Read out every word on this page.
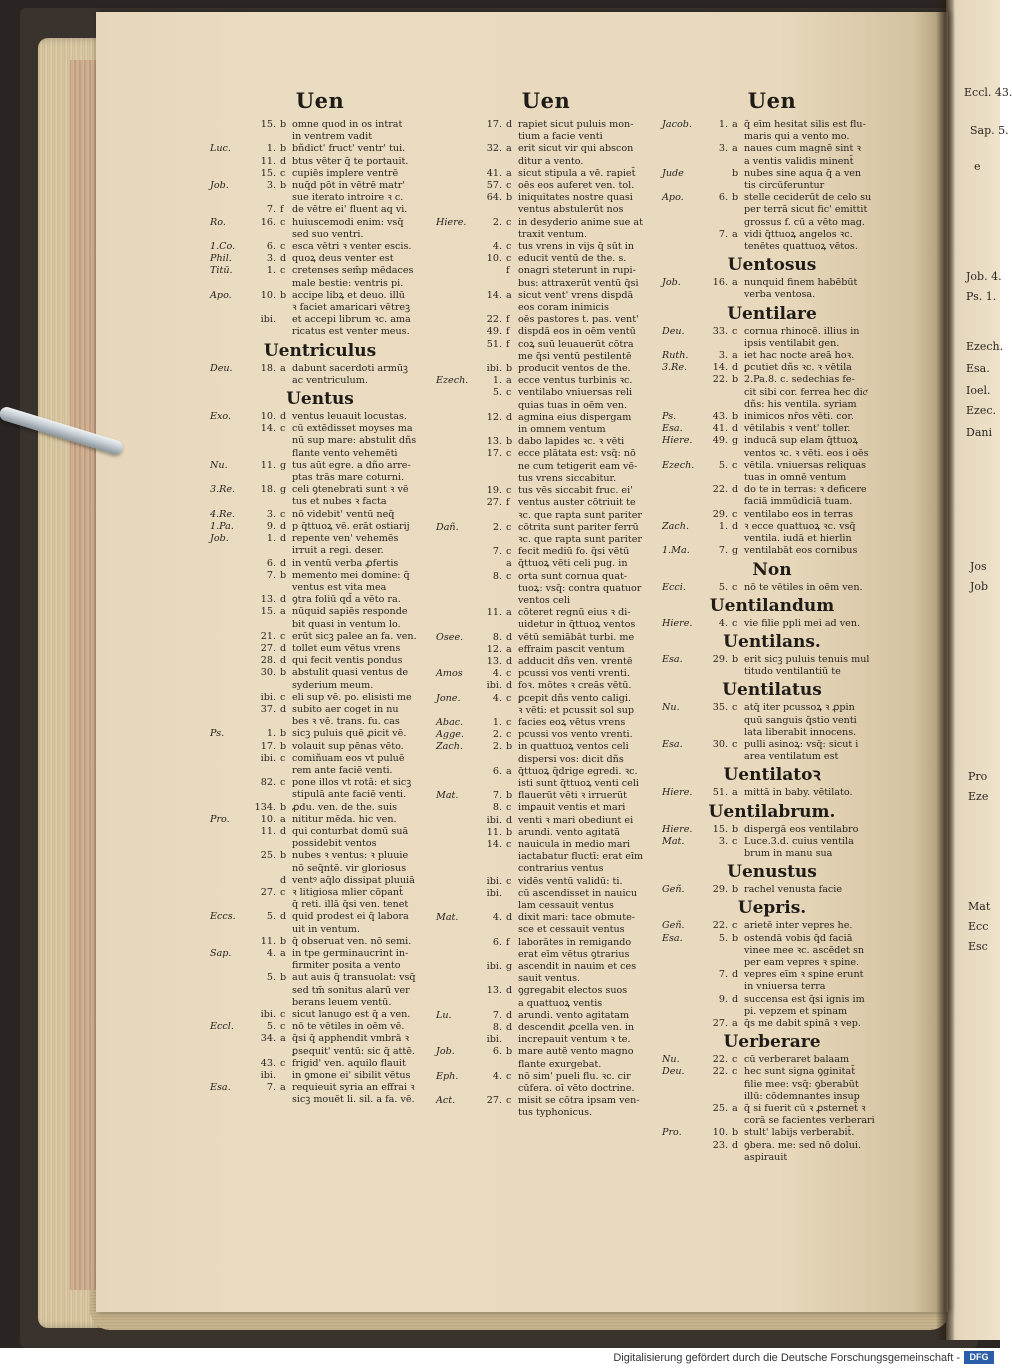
Eccl. 43.
Sap. 5.
e
Job. 4.
Ps. 1.
Ezech.
Esa.
Ioel.
Ezec.
Dani
Jos
Job
Pro
Eze
Mat
Ecc
Esc
Uen
15. b omne quod in os intrat
in ventrem vadit
Luc.	1. b bñdict' fruct' ventr' tui.
11. d btus vēter q̄ te portauit.
15. c cupiēs implere ventrē
Job.	3. b nuq̄d pōt in vētrē matr'
sue iterato introire ꝛ c.
7. f de vētre ei' fluent aq vi.
Ro.	16. c huiuscemodi enim: vsq̄
sed suo ventri.
1.Co.	6. c esca vētri ꝛ venter escis.
Phil.	3. d quoꝝ deus venter est
Titū.	1. c cretenses sem̄p mēdaces
male bestie: ventris pi.
Apo.	10. b accipe libꝝ et deuo. illū
ꝛ faciet amaricari vētreꝫ
ibi.	et accepi librum ꝛc. ama
ricatus est venter meus.
Uentriculus
Deu.	18. a dabunt sacerdoti armūꝫ
ac ventriculum.
Uentus
Exo.	10. d ventus leuauit locustas.
14. c cū extēdisset moyses ma
nū sup mare: abstulit dñs
flante vento vehemēti
Nu.	11. g tus aūt egre. a dño arre-
ptas trās mare coturni.
3.Re.	18. g celi ꝯtenebrati sunt ꝛ vē
tus et nubes ꝛ facta
4.Re.	3. c nō videbit' ventū neq̄
1.Pa.	9. d p q̄ttuoꝝ vē. erāt ostiarij
Job.	1. d repente ven' vehemēs
irruit a regi. deser.
6. d in ventū verba ꝓfertis
7. b memento mei domine: q̄
ventus est vita mea
13. d ꝯtra foliū qd̄ a vēto ra.
15. a nūquid sapiēs responde
bit quasi in ventum lo.
21. c erūt sicꝫ palee an fa. ven.
27. d tollet eum vētus vrens
28. d qui fecit ventis pondus
30. b abstulit quasi ventus de
syderium meum.
ibi. c eli sup vē. po. elisisti me
37. d subito aer coget in nu
bes ꝛ vē. trans. fu. cas
Ps.	1. b sicꝫ puluis quē ꝓicit vē.
17. b volauit sup pēnas vēto.
ibi. c comiñuam eos vt puluē
rem ante faciē venti.
82. c pone illos vt rotā: et sicꝫ
stipulā ante faciē venti.
134. b ꝓdu. ven. de the. suis
Pro.	10. a nititur mēda. hic ven.
11. d qui conturbat domū suā
possidebit ventos
25. b nubes ꝛ ventus: ꝛ pluuie
nō seq̄ntē. vir gloriosus
d ventꝰ aq̄lo dissipat pluuiā
27. c ꝛ litigiosa mlier cōpant̄
q̄ reti. illā q̄si ven. tenet
Eccs.	5. d quid prodest ei q̄ labora
uit in ventum.
11. b q̄ obseruat ven. nō semi.
Sap.	4. a in tpe germinaucrint in-
firmiter posita a vento
5. b aut auis q̄ transuolat: vsq̄
sed tm̄ sonitus alarū ver
berans leuem ventū.
ibi. c sicut lanugo est q̄ a ven.
Eccl.	5. c nō te vētiles in oēm vē.
34. a q̄si q̄ apphendit vmbrā ꝛ
ꝑsequit' ventū: sic q̄ attē.
43. c frigid' ven. aquilo flauit
ibi.	in ꝯmone ei' sibilit vētus
Esa.	7. a requieuit syria an effrai ꝛ
sicꝫ mouēt li. sil. a fa. vē.
Uen
17. d rapiet sicut puluis mon-
tium a facie venti
32. a erit sicut vir qui abscon
ditur a vento.
41. a sicut stipula a vē. rapiet̄
57. c oēs eos auferet ven. tol.
64. b iniquitates nostre quasi
ventus abstulerūt nos
Hiere.	2. c in desyderio anime sue at
traxit ventum.
4. c tus vrens in vijs q̄ sūt in
10. c educit ventū de the. s.
f onagri steterunt in rupi-
bus: attraxerūt ventū q̄si
14. a sicut vent' vrens dispdā
eos coram inimicis
22. f oēs pastores t. pas. vent'
49. f dispdā eos in oēm ventū
51. f coꝝ suū leuauerūt cōtra
me q̄si ventū pestilentē
ibi. b producit ventos de the.
Ezech.	1. a ecce ventus turbinis ꝛc.
5. c ventilabo vniuersas reli
quias tuas in oēm ven.
12. d agmina eius dispergam
in omnem ventum
13. b dabo lapides ꝛc. ꝛ vēti
17. c ecce plātata est: vsq̄: nō
ne cum tetigerit eam vē-
tus vrens siccabitur.
19. c tus vēs siccabit fruc. ei'
27. f ventus auster cōtriuit te
ꝛc. que rapta sunt pariter
Dañ.	2. c cōtrita sunt pariter ferrū
ꝛc. que rapta sunt pariter
7. c fecit mediū fo. q̄si vētū
a q̄ttuoꝝ vēti celi pug. in
8. c orta sunt cornua quat-
tuoꝝ: vsq̄: contra quatuor
ventos celi
11. a cōteret regnū eius ꝛ di-
uidetur in q̄ttuoꝝ ventos
Osee.	8. d vētū semiābāt turbi. me
12. a effraim pascit ventum
13. d adducit dñs ven. vrentē
Amos	4. c pcussi vos venti vrenti.
ibi. d foꝛ. mōtes ꝛ creās vētū.
Jone.	4. c ꝑcepit dñs vento caligi.
ꝛ vēti: et pcussit sol sup
Abac.	1. c facies eoꝝ vētus vrens
Agge.	2. c pcussi vos vento vrenti.
Zach.	2. b in quattuoꝝ ventos celi
dispersi vos: dicit dñs
6. a q̄ttuoꝝ q̄drige egredi. ꝛc.
isti sunt q̄ttuoꝝ venti celi
Mat.	7. b flauerūt vēti ꝛ irruerūt
8. c imꝑauit ventis et mari
ibi. d venti ꝛ mari obediunt ei
11. b arundi. vento agitatā
14. c nauicula in medio mari
iactabatur fluctī: erat eīm
contrarius ventus
ibi. c vidēs ventū validū: ti.
ibi.	cū ascendisset in nauicu
lam cessauit ventus
Mat.	4. d dixit mari: tace obmute-
sce et cessauit ventus
6. f laborātes in remigando
erat eīm vētus ꝯtrarius
ibi. g ascendit in nauim et ces
sauit ventus.
13. d ꝯgregabit electos suos
a quattuoꝝ ventis
Lu.	7. d arundi. vento agitatam
8. d descendit ꝓcella ven. in
ibi.	increpauit ventum ꝛ te.
Job.	6. b mare autē vento magno
flante exurgebat.
Eph.	4. c nō sim' pueli flu. ꝛc. cir
cūfera. oī vēto doctrine.
Act.	27. c misit se cōtra ipsam ven-
tus typhonicus.
Uen
Jacob.	1. a q̄ eīm hesitat silis est flu-
maris qui a vento mo.
3. a naues cum magnē sint ꝛ
a ventis validis minent̄
Jude	b nubes sine aqua q̄ a ven
tis circūferuntur
Apo.	6. b stelle ceciderūt de celo su
per terrā sicut fic' emittit
grossus f. cū a vēto mag.
7. a vidi q̄ttuoꝝ angelos ꝛc.
tenētes quattuoꝝ vētos.
Uentosus
Job.	16. a nunquid finem habēbūt
verba ventosa.
Uentilare
Deu.	33. c cornua rhinocē. illius in
ipsis ventilabit gen.
Ruth.	3. a iet hac nocte areā hoꝛ.
3.Re.	14. d ꝑcutiet dñs ꝛc. ꝛ vētila
22. b 2.Pa.8. c. sedechias fe-
cit sibi cor. ferrea hec dicͤ
dñs: his ventila. syriam
Ps.	43. b inimicos nr̄os vēti. cor.
Esa.	41. d vētilabis ꝛ vent' toller.
Hiere.	49. g inducā sup elam q̄ttuoꝝ
ventos ꝛc. ꝛ vēti. eos i oēs
Ezech.	5. c vētila. vniuersas reliquas
tuas in omnē ventum
22. d do te in terras: ꝛ deficere
faciā immūdiciā tuam.
29. c ventilabo eos in terras
Zach.	1. d ꝛ ecce quattuoꝝ ꝛc. vsq̄
ventila. iudā et hierlin
1.Ma.	7. g ventilabāt eos cornibus
Non
Ecci.	5. c nō te vētiles in oēm ven.
Uentilandum
Hiere.	4. c vie filie ppli mei ad ven.
Uentilans.
Esa.	29. b erit sicꝫ puluis tenuis mul
titudo ventilantiū te
Uentilatus
Nu.	35. c atq̄ iter pcussoꝝ ꝛ ꝓpin
quū sanguis q̄stio venti
lata liberabit innocens.
Esa.	30. c pulli asinoꝝ: vsq̄: sicut i
area ventilatum est
Uentilatoꝛ
Hiere.	51. a mittā in baby. vētilato.
Uentilabrum.
Hiere.	15. b dispergā eos ventilabro
Mat.	3. c Luce.3.d. cuius ventila
brum in manu sua
Uenustus
Geñ.	29. b rachel venusta facie
Uepris.
Geñ.	22. c arietē inter vepres he.
Esa.	5. b ostendā vobis q̄d faciā
vinee mee ꝛc. ascēdet sn
per eam vepres ꝛ spine.
7. d vepres eīm ꝛ spine erunt
in vniuersa terra
9. d succensa est q̄si ignis im
pi. vepzem et spinam
27. a q̄s me dabit spinā ꝛ vep.
Uerberare
Nu.	22. c cū verberaret balaam
Deu.	22. c hec sunt signa ꝯginitat̄
filie mee: vsq̄: ꝯberabūt
illū: cōdemnantes insup
25. a q̄ si fuerit cū ꝛ ꝓsternet̄ ꝛ
corā se facientes verberari
Pro.	10. b stult' labijs verberabit̄.
23. d ꝯbera. me: sed nō dolui.
aspirauit
Digitalisierung gefördert durch die Deutsche Forschungsgemeinschaft -	DFG
